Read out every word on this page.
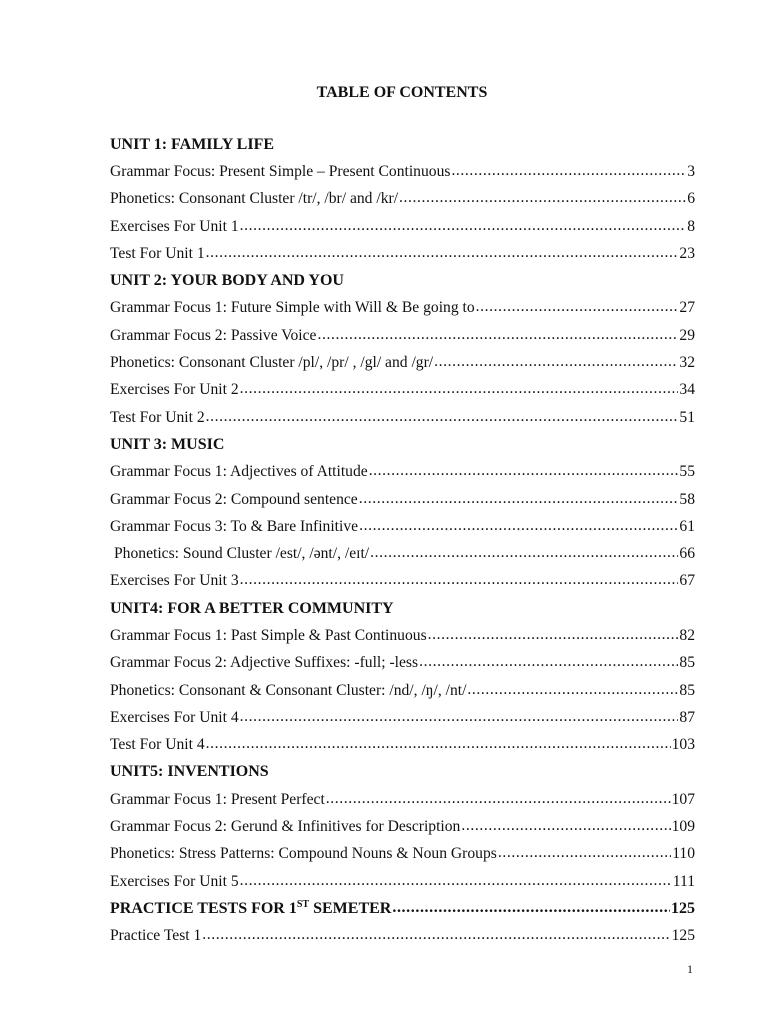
TABLE OF CONTENTS
UNIT 1: FAMILY LIFE
Grammar Focus: Present Simple – Present Continuous .....	3
Phonetics: Consonant Cluster /tr/, /br/ and /kr/ .....	6
Exercises For Unit 1 .....	8
Test For Unit 1 .....	23
UNIT 2: YOUR BODY AND YOU
Grammar Focus 1: Future Simple with Will & Be going to .....	27
Grammar Focus 2: Passive Voice .....	29
Phonetics: Consonant Cluster /pl/, /pr/ , /gl/ and /gr/ .....	32
Exercises For Unit 2 .....	34
Test For Unit 2 .....	51
UNIT 3: MUSIC
Grammar Focus 1: Adjectives of Attitude .....	55
Grammar Focus 2: Compound sentence .....	58
Grammar Focus 3: To & Bare Infinitive .....	61
Phonetics: Sound Cluster /est/, /ənt/, /eɪt/ .....	66
Exercises For Unit 3 .....	67
UNIT4: FOR A BETTER COMMUNITY
Grammar Focus 1: Past Simple & Past Continuous .....	82
Grammar Focus 2: Adjective Suffixes: -full; -less .....	85
Phonetics: Consonant & Consonant Cluster: /nd/, /ŋ/, /nt/ .....	85
Exercises For Unit 4 .....	87
Test For Unit 4 .....	103
UNIT5: INVENTIONS
Grammar Focus 1: Present Perfect .....	107
Grammar Focus 2: Gerund & Infinitives for Description .....	109
Phonetics: Stress Patterns: Compound Nouns & Noun Groups .....	110
Exercises For Unit 5 .....	111
PRACTICE TESTS FOR 1ST SEMETER .....	125
Practice Test 1 .....	125
1
